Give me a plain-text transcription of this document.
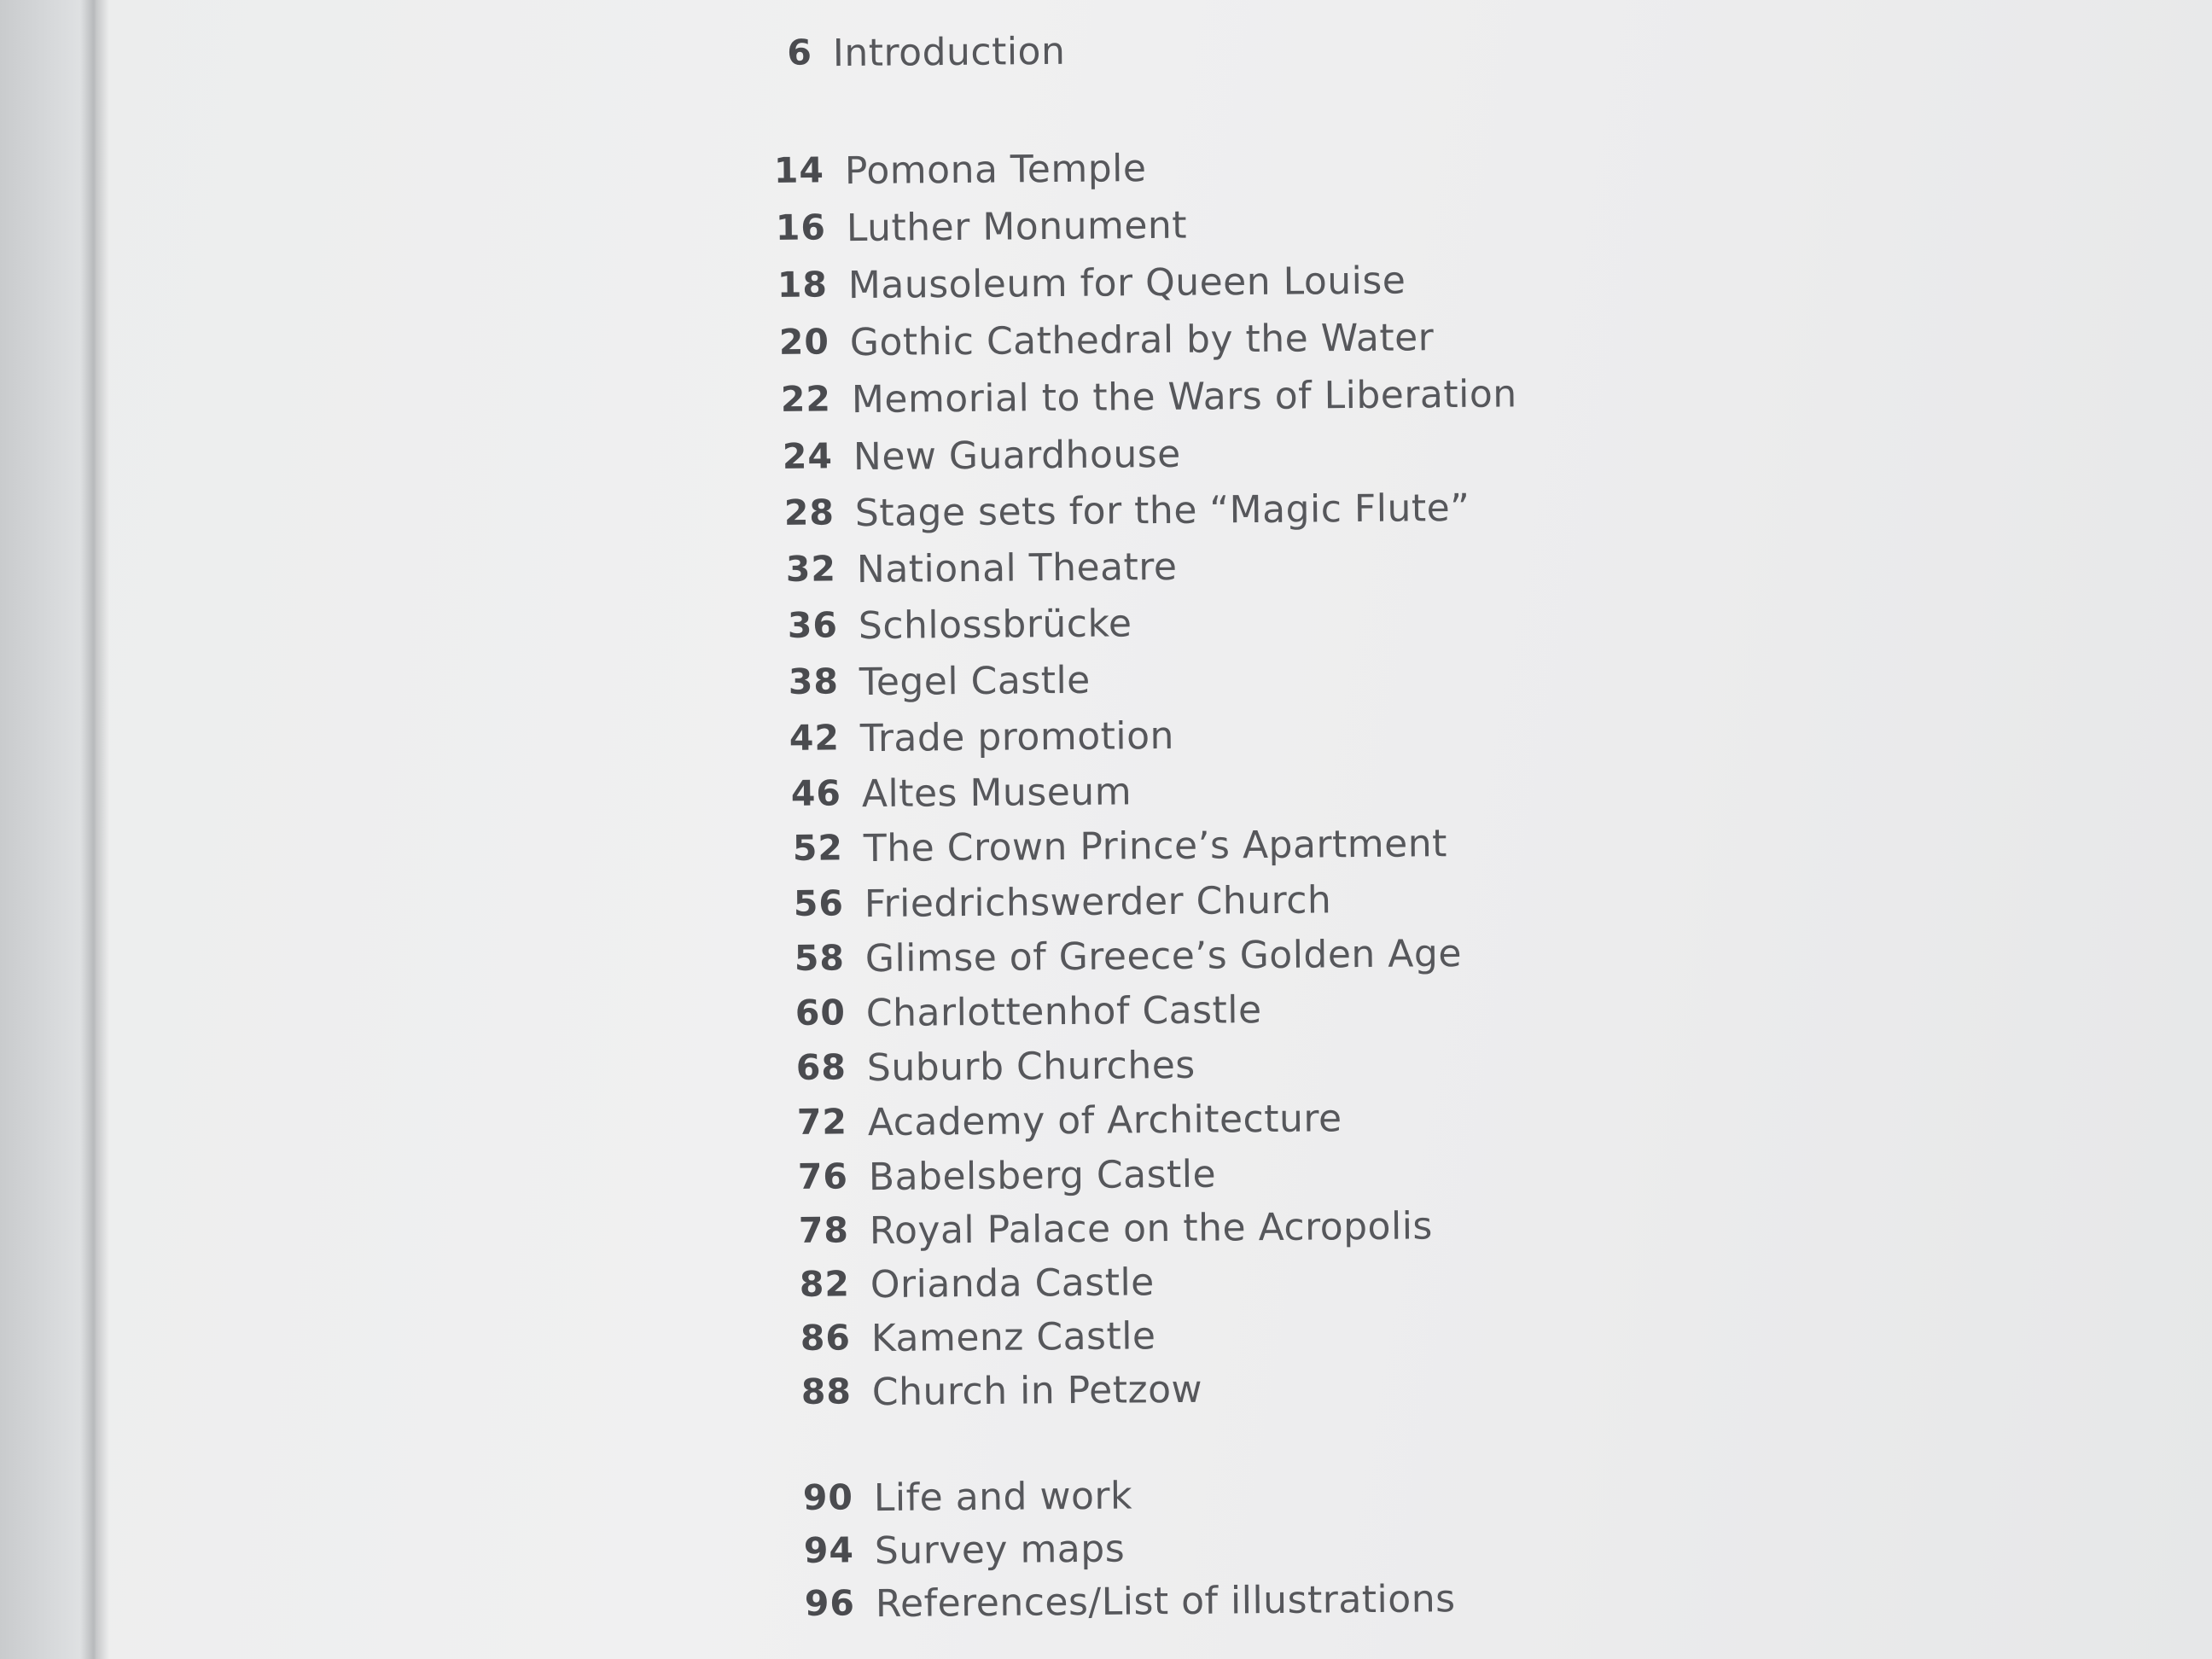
6 Introduction
14 Pomona Temple
16 Luther Monument
18 Mausoleum for Queen Louise
20 Gothic Cathedral by the Water
22 Memorial to the Wars of Liberation
24 New Guardhouse
28 Stage sets for the “Magic Flute”
32 National Theatre
36 Schlossbrücke
38 Tegel Castle
42 Trade promotion
46 Altes Museum
52 The Crown Prince’s Apartment
56 Friedrichswerder Church
58 Glimse of Greece’s Golden Age
60 Charlottenhof Castle
68 Suburb Churches
72 Academy of Architecture
76 Babelsberg Castle
78 Royal Palace on the Acropolis
82 Orianda Castle
86 Kamenz Castle
88 Church in Petzow
90 Life and work
94 Survey maps
96 References/List of illustrations
